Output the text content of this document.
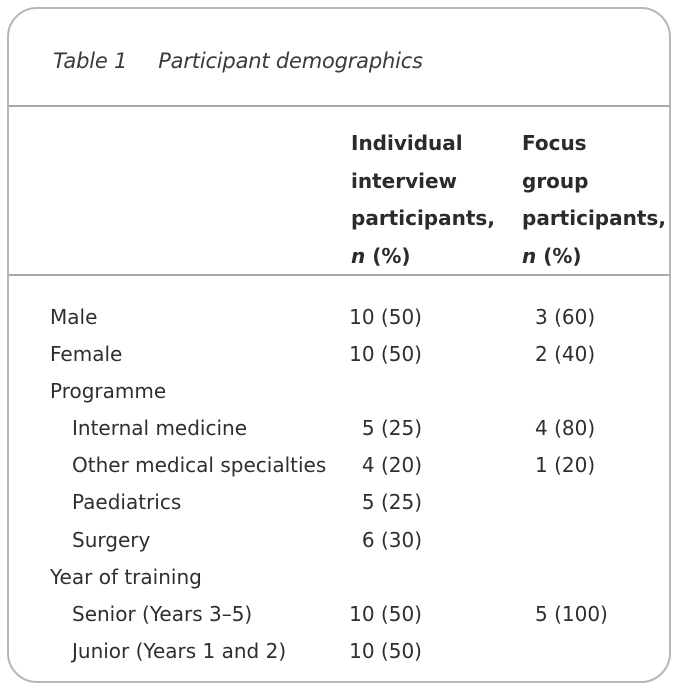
Table 1 Participant demographics
Individual
interview
participants,
n (%)
Focus
group
participants,
n (%)
Male	10 (50)	3 (60)
Female	10 (50)	2 (40)
Programme
Internal medicine	5 (25)	4 (80)
Other medical specialties 4 (20)	1 (20)
Paediatrics	5 (25)
Surgery	6 (30)
Year of training
Senior (Years 3–5)	10 (50)	5 (100)
Junior (Years 1 and 2)	10 (50)
